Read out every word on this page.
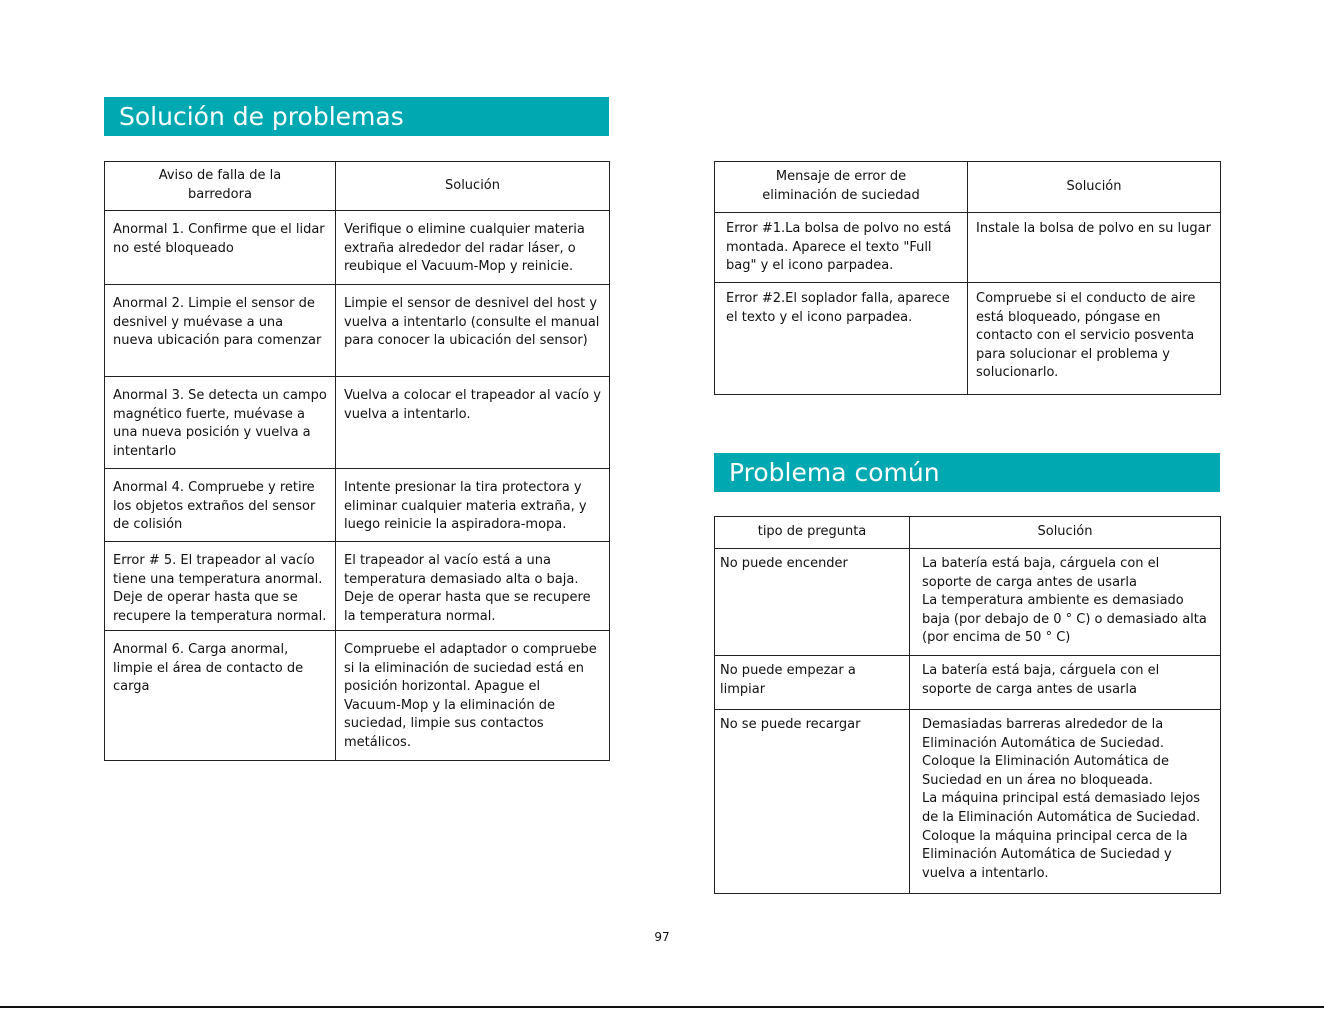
Solución de problemas
Aviso de falla de la barredora	Solución

Anormal 1. Confirme que el lidar no esté bloqueado	Verifique o elimine cualquier materia extraña alrededor del radar láser, o reubique el Vacuum-Mop y reinicie.

Anormal 2. Limpie el sensor de desnivel y muévase a una nueva ubicación para comenzar	Limpie el sensor de desnivel del host y vuelva a intentarlo (consulte el manual para conocer la ubicación del sensor)

Anormal 3. Se detecta un campo magnético fuerte, muévase a una nueva posición y vuelva a intentarlo	Vuelva a colocar el trapeador al vacío y vuelva a intentarlo.

Anormal 4. Compruebe y retire los objetos extraños del sensor de colisión	Intente presionar la tira protectora y eliminar cualquier materia extraña, y luego reinicie la aspiradora-mopa.

Error # 5. El trapeador al vacío tiene una temperatura anormal. Deje de operar hasta que se recupere la temperatura normal.	El trapeador al vacío está a una temperatura demasiado alta o baja. Deje de operar hasta que se recupere la temperatura normal.

Anormal 6. Carga anormal, limpie el área de contacto de carga	Compruebe el adaptador o compruebe si la eliminación de suciedad está en posición horizontal. Apague el Vacuum-Mop y la eliminación de suciedad, limpie sus contactos metálicos.
Mensaje de error de eliminación de suciedad	Solución

Error #1.La bolsa de polvo no está montada. Aparece el texto "Full bag" y el icono parpadea.	Instale la bolsa de polvo en su lugar

Error #2.El soplador falla, aparece el texto y el icono parpadea.	Compruebe si el conducto de aire está bloqueado, póngase en contacto con el servicio posventa para solucionar el problema y solucionarlo.
Problema común
tipo de pregunta	Solución

No puede encender	La batería está baja, cárguela con el soporte de carga antes de usarla
La temperatura ambiente es demasiado baja (por debajo de 0 ° C) o demasiado alta (por encima de 50 ° C)

No puede empezar a limpiar	La batería está baja, cárguela con el soporte de carga antes de usarla

No se puede recargar	Demasiadas barreras alrededor de la Eliminación Automática de Suciedad. Coloque la Eliminación Automática de Suciedad en un área no bloqueada.
La máquina principal está demasiado lejos de la Eliminación Automática de Suciedad. Coloque la máquina principal cerca de la Eliminación Automática de Suciedad y vuelva a intentarlo.
97
